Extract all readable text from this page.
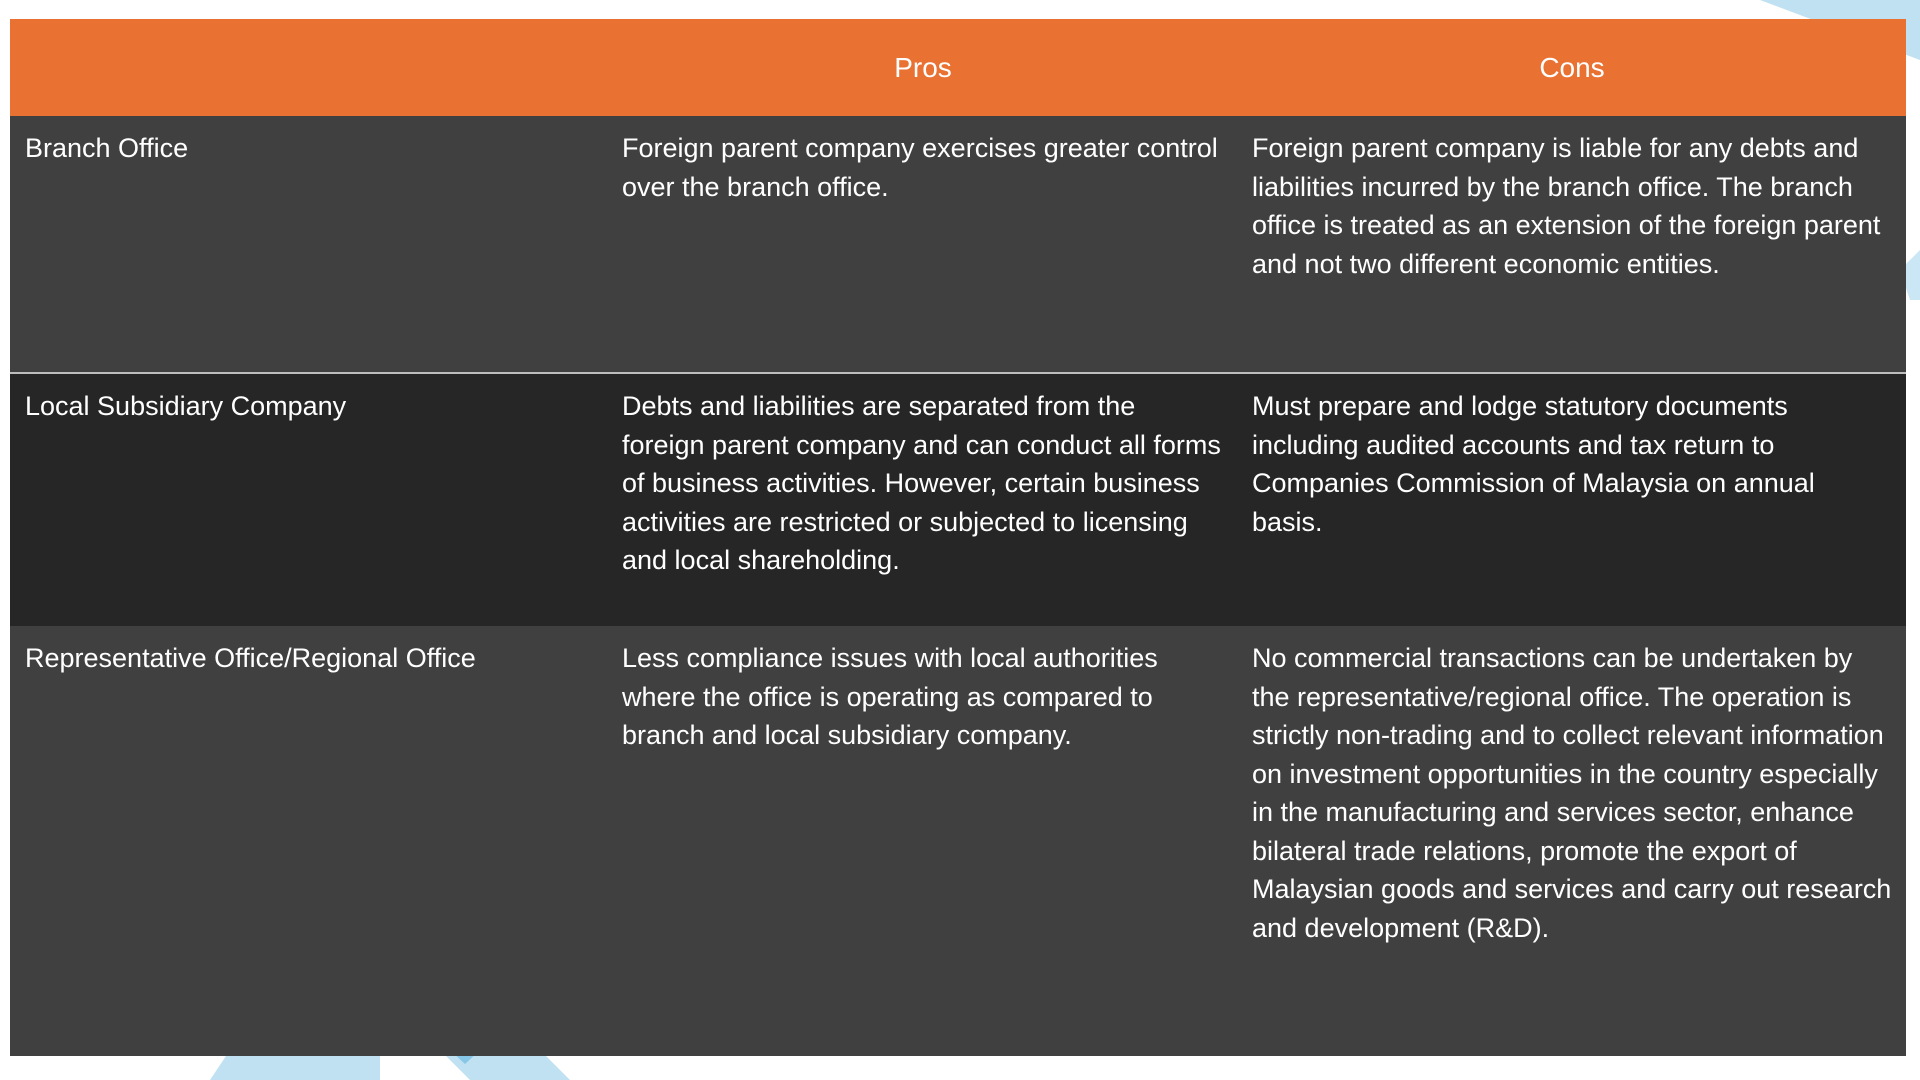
	Pros	Cons
Branch Office	Foreign parent company exercises greater control over the branch office.	Foreign parent company is liable for any debts and liabilities incurred by the branch office. The branch office is treated as an extension of the foreign parent and not two different economic entities.
Local Subsidiary Company	Debts and liabilities are separated from the foreign parent company and can conduct all forms of business activities. However, certain business activities are restricted or subjected to licensing and local shareholding.	Must prepare and lodge statutory documents including audited accounts and tax return to Companies Commission of Malaysia on annual basis.
Representative Office/Regional Office	Less compliance issues with local authorities where the office is operating as compared to branch and local subsidiary company.	No commercial transactions can be undertaken by the representative/regional office. The operation is strictly non-trading and to collect relevant information on investment opportunities in the country especially in the manufacturing and services sector, enhance bilateral trade relations, promote the export of Malaysian goods and services and carry out research and development (R&D).
